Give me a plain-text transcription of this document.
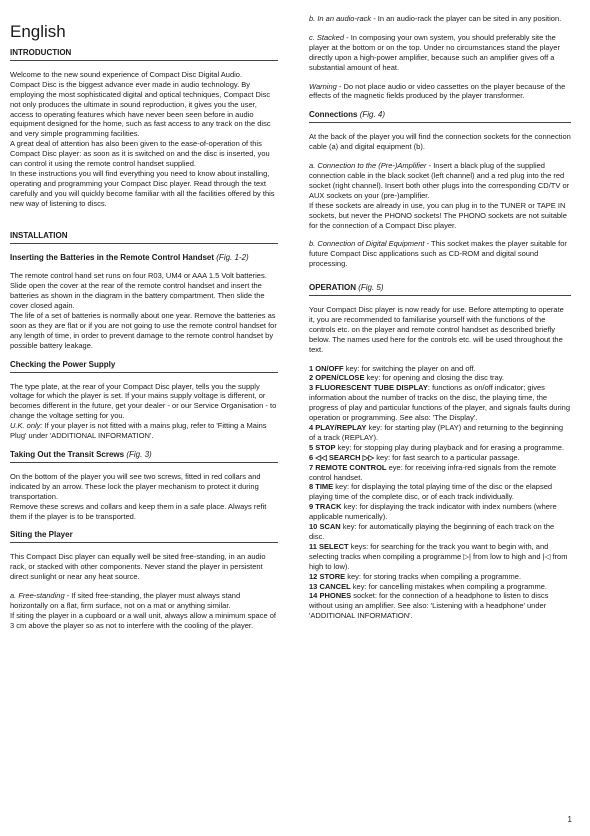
English
INTRODUCTION

Welcome to the new sound experience of Compact Disc Digital Audio.

Compact Disc is the biggest advance ever made in audio technology. By employing the most sophisticated digital and optical techniques, Compact Disc not only produces the ultimate in sound reproduction, it gives you the user, access to operating features which have never been seen before in audio equipment designed for the home, such as fast access to any track on the disc and very simple programming facilities.

A great deal of attention has also been given to the ease-of-operation of this Compact Disc player: as soon as it is switched on and the disc is inserted, you can control it using the remote control handset supplied.

In these instructions you will find everything you need to know about installing, operating and programming your Compact Disc player. Read through the text carefully and you will quickly become familiar with all the facilities offered by this new way of listening to discs.

INSTALLATION
Inserting the Batteries in the Remote Control Handset (Fig. 1-2)

The remote control hand set runs on four R03, UM4 or AAA 1.5 Volt batteries.

Slide open the cover at the rear of the remote control handset and insert the batteries as shown in the diagram in the battery compartment. Then slide the cover closed again.

The life of a set of batteries is normally about one year. Remove the batteries as soon as they are flat or if you are not going to use the remote control handset for any length of time, in order to prevent damage to the remote control handset by possible battery leakage.

Checking the Power Supply

The type plate, at the rear of your Compact Disc player, tells you the supply voltage for which the player is set. If your mains supply voltage is different, or becomes different in the future, get your dealer - or our Service Organisation - to change the voltage setting for you.

U.K. only: If your player is not fitted with a mains plug, refer to 'Fitting a Mains Plug' under 'ADDITIONAL INFORMATION'.

Taking Out the Transit Screws (Fig. 3)

On the bottom of the player you will see two screws, fitted in red collars and indicated by an arrow. These lock the player mechanism to protect it during transportation.

Remove these screws and collars and keep them in a safe place. Always refit them if the player is to be transported.

Siting the Player

This Compact Disc player can equally well be sited free-standing, in an audio rack, or stacked with other components. Never stand the player in persistent direct sunlight or near any heat source.

a. Free-standing - If sited free-standing, the player must always stand horizontally on a flat, firm surface, not on a mat or anything similar.

If siting the player in a cupboard or a wall unit, always allow a minimum space of 3 cm above the player so as not to interfere with the cooling of the player.

b. In an audio-rack - In an audio-rack the player can be sited in any position.

c. Stacked - In composing your own system, you should preferably site the player at the bottom or on the top. Under no circumstances stand the player directly upon a high-power amplifier, because such an amplifier gives off a substantial amount of heat.

Warning - Do not place audio or video cassettes on the player because of the effects of the magnetic fields produced by the player transformer.

Connections (Fig. 4)

At the back of the player you will find the connection sockets for the connection cable (a) and digital equipment (b).

a. Connection to the (Pre-)Amplifier - Insert a black plug of the supplied connection cable in the black socket (left channel) and a red plug into the red socket (right channel). Insert both other plugs into the corresponding CD/TV or AUX sockets on your (pre-)amplifier.

If these sockets are already in use, you can plug in to the TUNER or TAPE IN sockets, but never the PHONO sockets! The PHONO sockets are not suitable for the connection of a Compact Disc player.

b. Connection of Digital Equipment - This socket makes the player suitable for future Compact Disc applications such as CD-ROM and digital sound processing.

OPERATION (Fig. 5)

Your Compact Disc player is now ready for use. Before attempting to operate it, you are recommended to familiarise yourself with the functions of the controls etc. on the player and remote control handset as described briefly below. The names used here for the controls etc. will be used throughout the text.

1 ON/OFF key: for switching the player on and off.

2 OPEN/CLOSE key: for opening and closing the disc tray.

3 FLUORESCENT TUBE DISPLAY: functions as on/off indicator; gives information about the number of tracks on the disc, the playing time, the progress of play and particular functions of the player, and signals faults during operation or programming. See also: 'The Display'.

4 PLAY/REPLAY key: for starting play (PLAY) and returning to the beginning of a track (REPLAY).

5 STOP key: for stopping play during playback and for erasing a programme.

6 ◁◁ SEARCH ▷▷ key: for fast search to a particular passage.

7 REMOTE CONTROL eye: for receiving infra-red signals from the remote control handset.

8 TIME key: for displaying the total playing time of the disc or the elapsed playing time of the complete disc, or of each track individually.

9 TRACK key: for displaying the track indicator with index numbers (where applicable numerically).

10 SCAN key: for automatically playing the beginning of each track on the disc.

11 SELECT keys: for searching for the track you want to begin with, and selecting tracks when compiling a programme ▷| from low to high and |◁ from high to low).

12 STORE key: for storing tracks when compiling a programme.

13 CANCEL key: for cancelling mistakes when compiling a programme.

14 PHONES socket: for the connection of a headphone to listen to discs without using an amplifier. See also: 'Listening with a headphone' under 'ADDITIONAL INFORMATION'.

1
